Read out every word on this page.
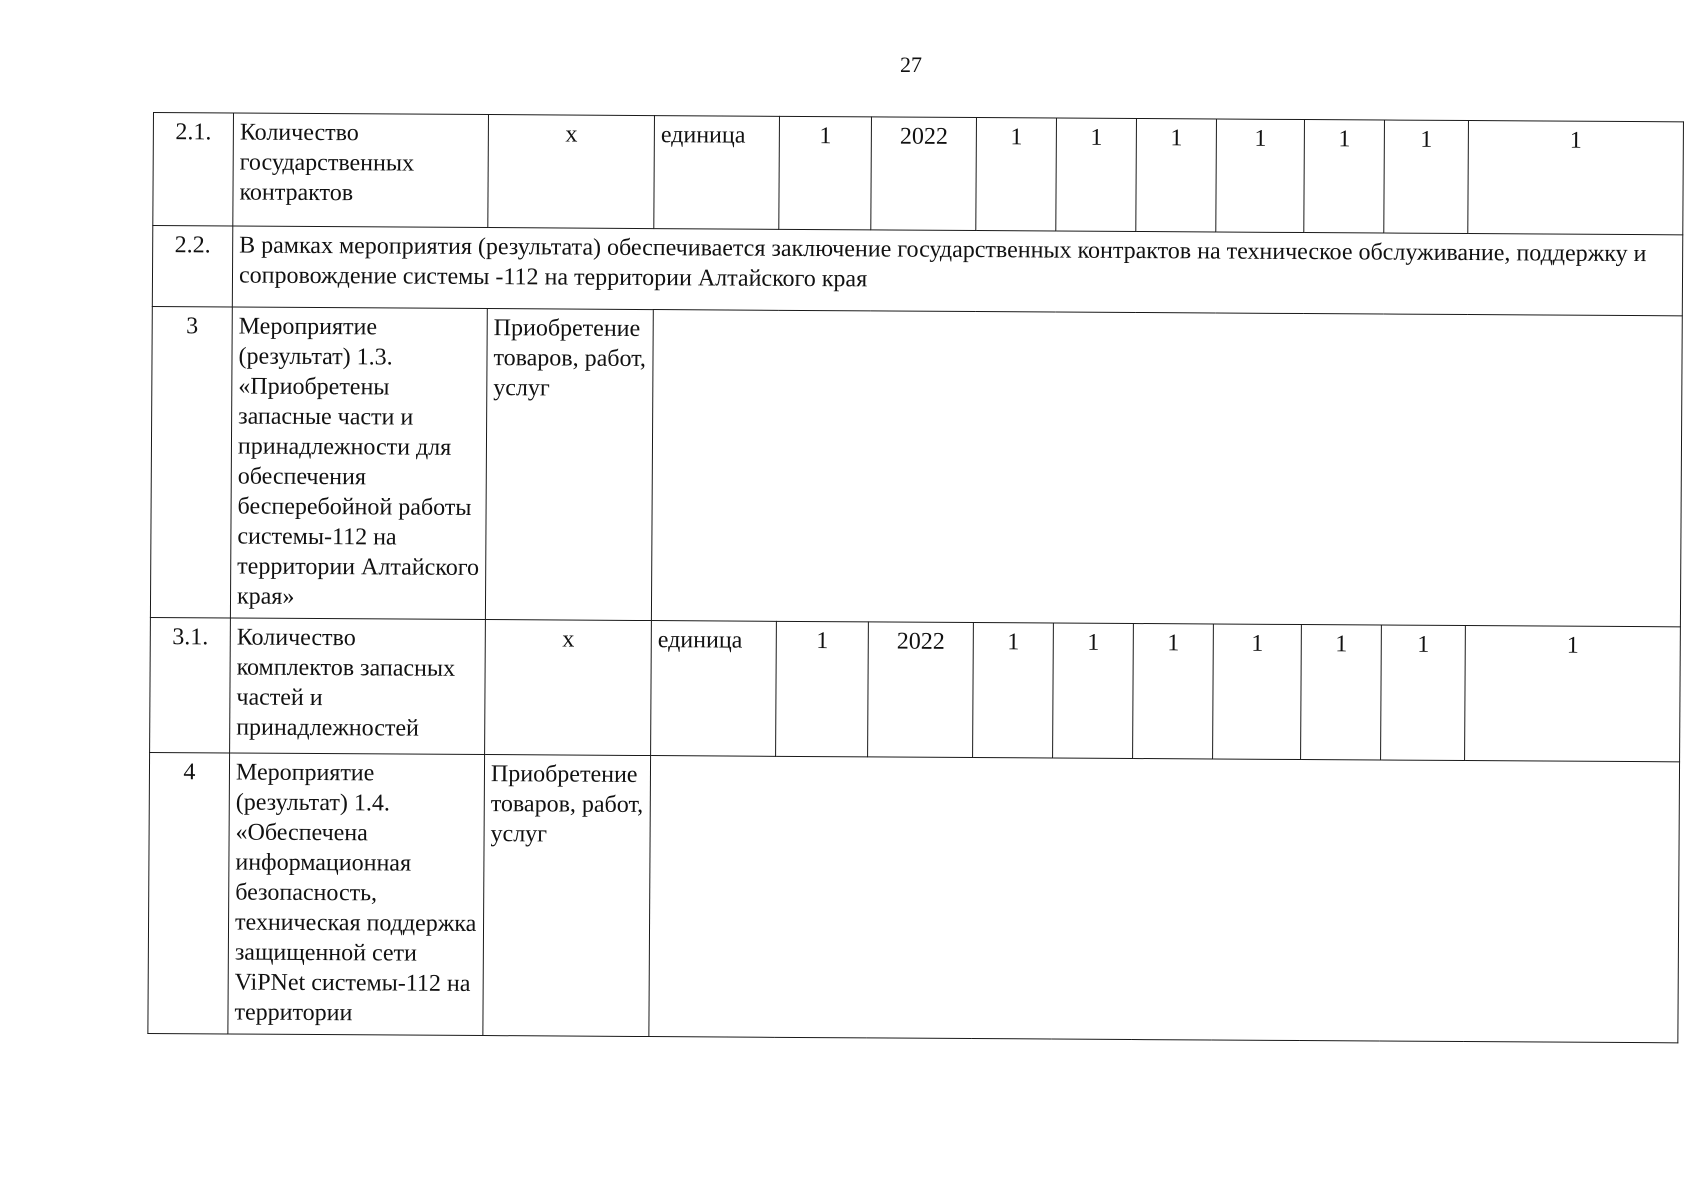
27
2.1.	Количество государственных контрактов	х	единица	1	2022	1	1	1	1	1	1	1
2.2.	В рамках мероприятия (результата) обеспечивается заключение государственных контрактов на техническое обслуживание, поддержку и сопровождение системы -112 на территории Алтайского края											
3	Мероприятие (результат) 1.3. «Приобретены запасные части и принадлежности для обеспечения бесперебойной работы системы-112 на территории Алтайского края»	Приобретение товаров, работ, услуг										
3.1.	Количество комплектов запасных частей и принадлежностей	х	единица	1	2022	1	1	1	1	1	1	1
4	Мероприятие (результат) 1.4. «Обеспечена информационная безопасность, техническая поддержка защищенной сети ViPNet системы-112 на территории	Приобретение товаров, работ, услуг										
